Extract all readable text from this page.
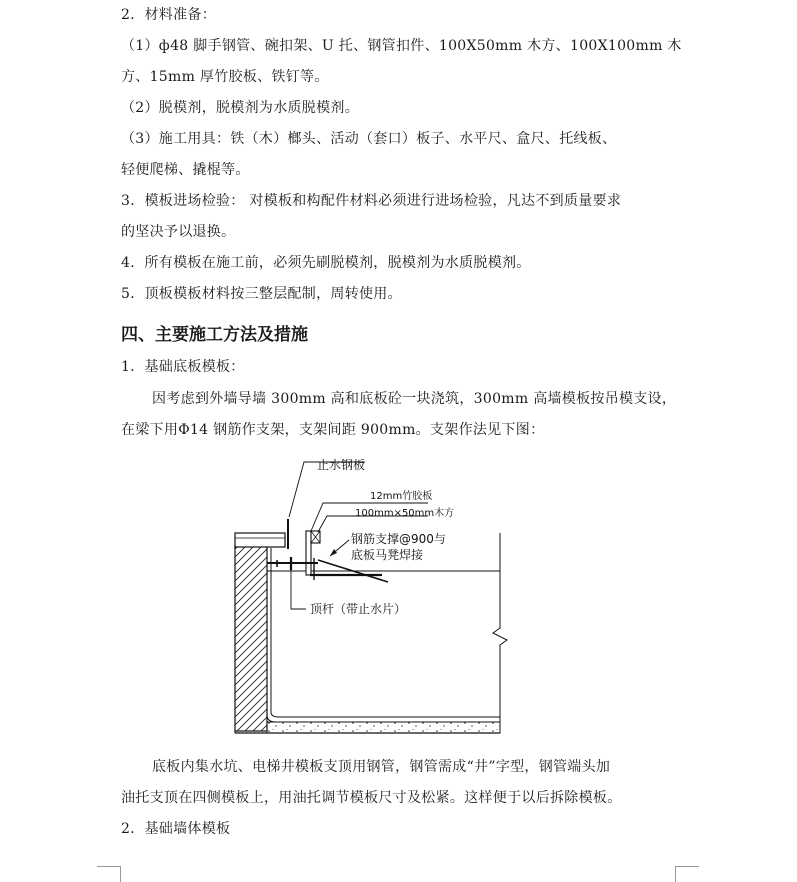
2．材料准备：
（1）ф48 脚手钢管、碗扣架、U 托、钢管扣件、100X50mm 木方、100X100mm 木
方、15mm 厚竹胶板、铁钉等。
（2）脱模剂，脱模剂为水质脱模剂。
（3）施工用具：铁（木）榔头、活动（套口）板子、水平尺、盒尺、托线板、
轻便爬梯、撬棍等。
3．模板进场检验： 对模板和构配件材料必须进行进场检验，凡达不到质量要求
的坚决予以退换。
4．所有模板在施工前，必须先刷脱模剂，脱模剂为水质脱模剂。
5．顶板模板材料按三整层配制，周转使用。
四、主要施工方法及措施
1．基础底板模板：
因考虑到外墙导墙 300mm 高和底板砼一块浇筑，300mm 高墙模板按吊模支设，
在梁下用Φ14 钢筋作支架，支架间距 900mm。支架作法见下图：
止水钢板
12mm竹胶板
100mm×50mm木方
钢筋支撑@900与
底板马凳焊接
顶杆（带止水片）
底板内集水坑、电梯井模板支顶用钢管，钢管需成“井”字型，钢管端头加
油托支顶在四侧模板上，用油托调节模板尺寸及松紧。这样便于以后拆除模板。
2．基础墙体模板
